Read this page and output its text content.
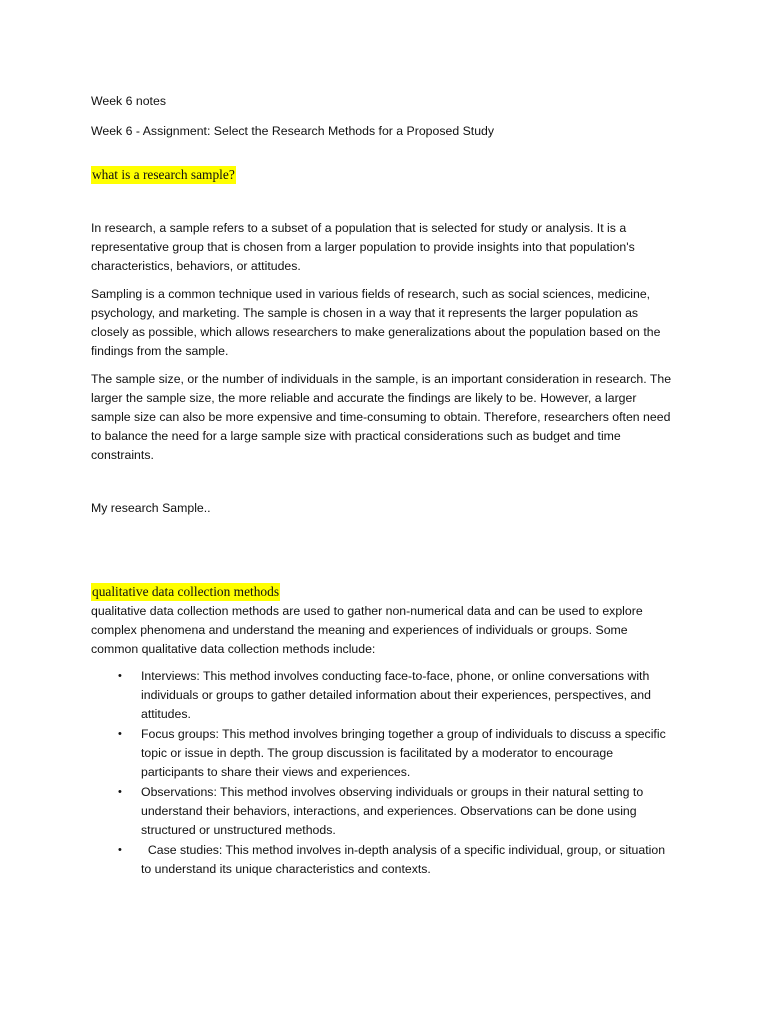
Week 6 notes

Week 6 - Assignment: Select the Research Methods for a Proposed Study

what is a research sample?

In research, a sample refers to a subset of a population that is selected for study or analysis. It is a representative group that is chosen from a larger population to provide insights into that population's characteristics, behaviors, or attitudes.

Sampling is a common technique used in various fields of research, such as social sciences, medicine, psychology, and marketing. The sample is chosen in a way that it represents the larger population as closely as possible, which allows researchers to make generalizations about the population based on the findings from the sample.

The sample size, or the number of individuals in the sample, is an important consideration in research. The larger the sample size, the more reliable and accurate the findings are likely to be. However, a larger sample size can also be more expensive and time-consuming to obtain. Therefore, researchers often need to balance the need for a large sample size with practical considerations such as budget and time constraints.

My research Sample..

qualitative data collection methods

qualitative data collection methods are used to gather non-numerical data and can be used to explore complex phenomena and understand the meaning and experiences of individuals or groups. Some common qualitative data collection methods include:

• Interviews: This method involves conducting face-to-face, phone, or online conversations with individuals or groups to gather detailed information about their experiences, perspectives, and attitudes.
• Focus groups: This method involves bringing together a group of individuals to discuss a specific topic or issue in depth. The group discussion is facilitated by a moderator to encourage participants to share their views and experiences.
• Observations: This method involves observing individuals or groups in their natural setting to understand their behaviors, interactions, and experiences. Observations can be done using structured or unstructured methods.
• Case studies: This method involves in-depth analysis of a specific individual, group, or situation to understand its unique characteristics and contexts.
